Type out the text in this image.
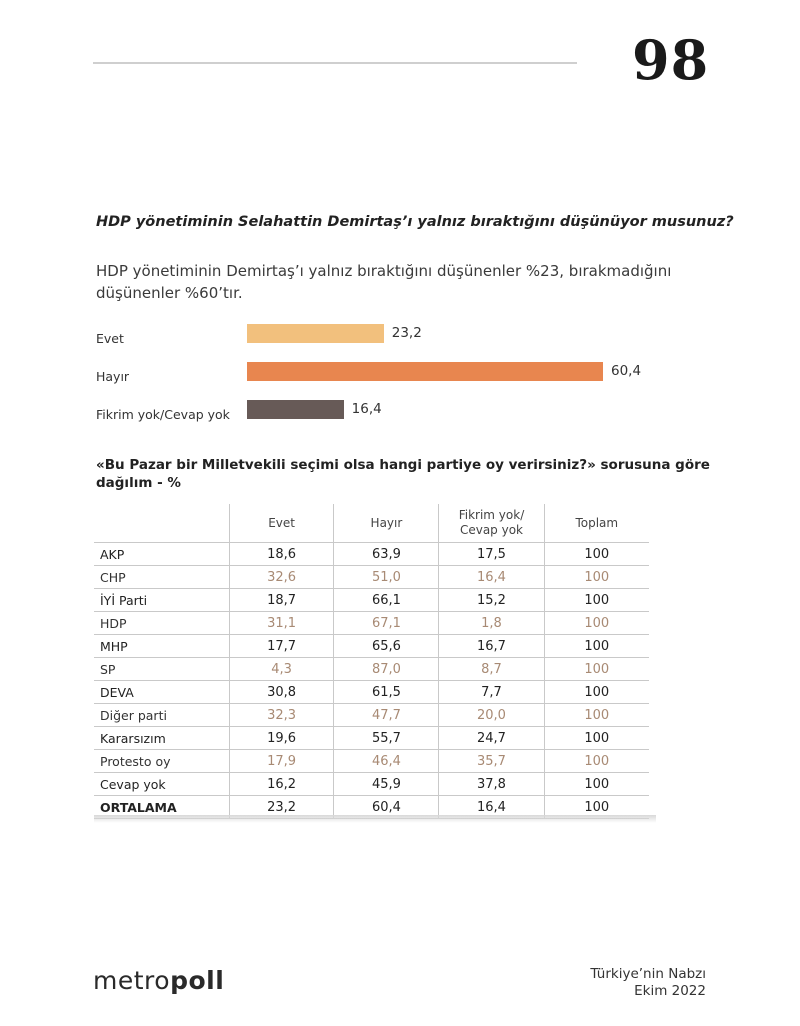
98
HDP yönetiminin Selahattin Demirtaş’ı yalnız bıraktığını düşünüyor musunuz?
HDP yönetiminin Demirtaş’ı yalnız bıraktığını düşünenler %23, bırakmadığını düşünenler %60’tır.
Evet	23,2
Hayır	60,4
Fikrim yok/Cevap yok	16,4
«Bu Pazar bir Milletvekili seçimi olsa hangi partiye oy verirsiniz?» sorusuna göre dağılım - %
	Evet	Hayır	Fikrim yok/ Cevap yok	Toplam
AKP	18,6	63,9	17,5	100
CHP	32,6	51,0	16,4	100
İYİ Parti	18,7	66,1	15,2	100
HDP	31,1	67,1	1,8	100
MHP	17,7	65,6	16,7	100
SP	4,3	87,0	8,7	100
DEVA	30,8	61,5	7,7	100
Diğer parti	32,3	47,7	20,0	100
Kararsızım	19,6	55,7	24,7	100
Protesto oy	17,9	46,4	35,7	100
Cevap yok	16,2	45,9	37,8	100
ORTALAMA	23,2	60,4	16,4	100
metropoll	Türkiye’nin Nabzı
Ekim 2022
